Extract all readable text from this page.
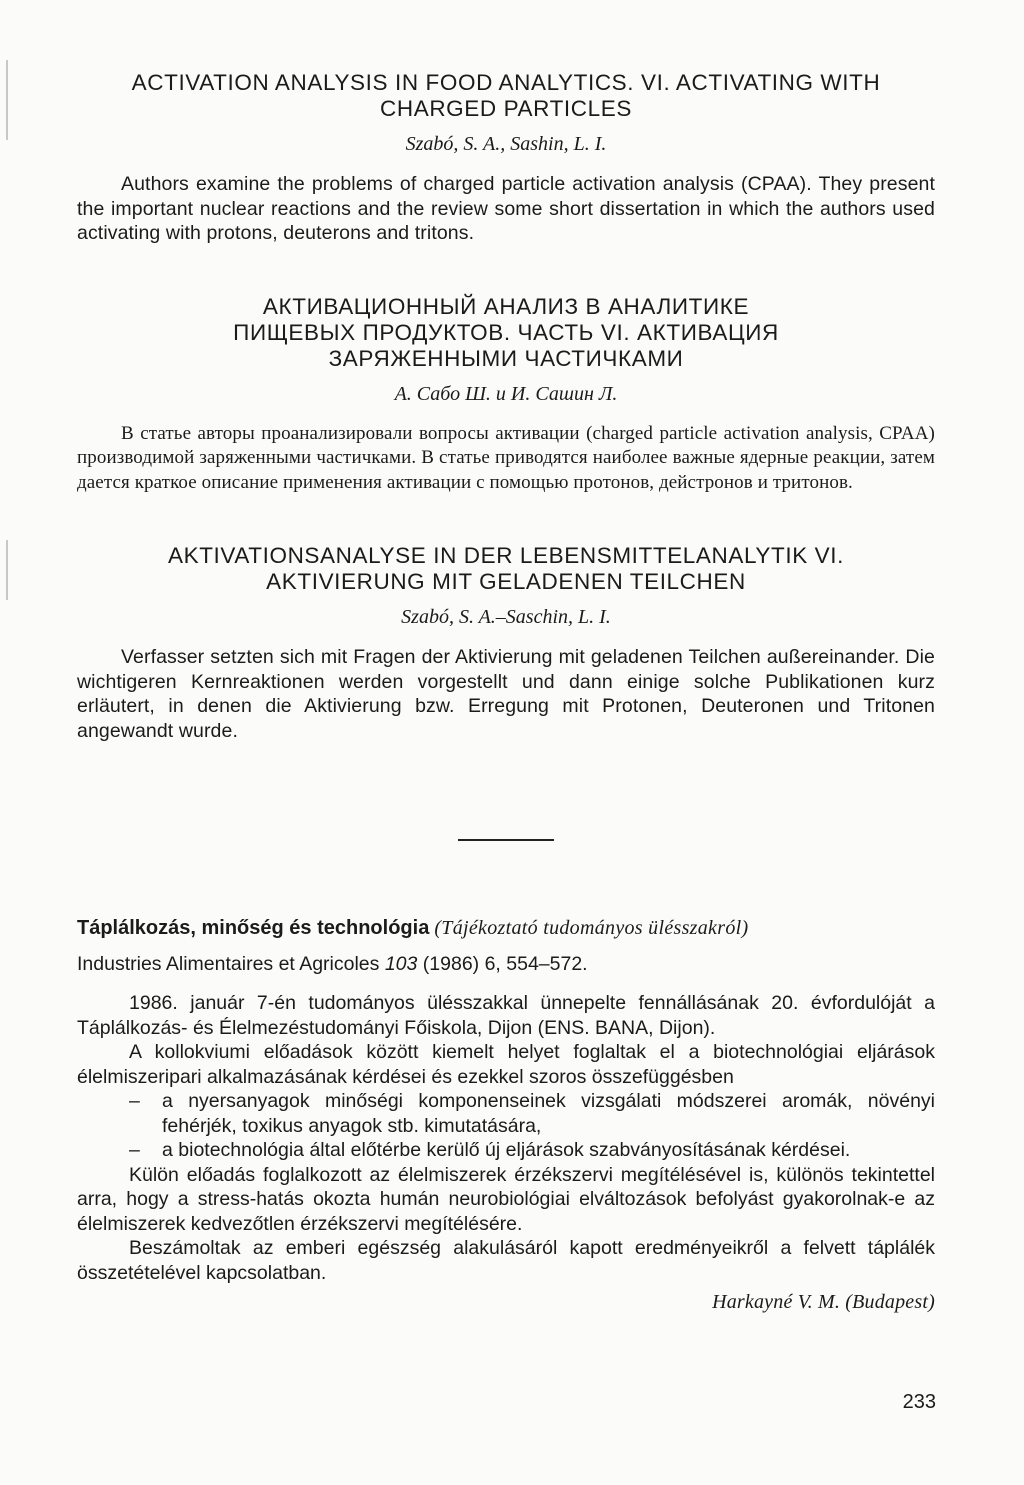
ACTIVATION ANALYSIS IN FOOD ANALYTICS. VI. ACTIVATING WITH
CHARGED PARTICLES

Szabó, S. A., Sashin, L. I.

Authors examine the problems of charged particle activation analysis (CPAA). They present the important nuclear reactions and the review some short dissertation in which the authors used activating with protons, deuterons and tritons.

АКТИВАЦИОННЫЙ АНАЛИЗ В АНАЛИТИКЕ
ПИЩЕВЫХ ПРОДУКТОВ. ЧАСТЬ VI. АКТИВАЦИЯ
ЗАРЯЖЕННЫМИ ЧАСТИЧКАМИ

А. Сабо Ш. и И. Сашин Л.

В статье авторы проанализировали вопросы активации (charged particle activation analysis, CPAA) производимой заряженными частичками. В статье приводятся наиболее важные ядерные реакции, затем дается краткое описание применения активации с помощью протонов, дейстронов и тритонов.

AKTIVATIONSANALYSE IN DER LEBENSMITTELANALYTIK VI.
AKTIVIERUNG MIT GELADENEN TEILCHEN

Szabó, S. A.–Saschin, L. I.

Verfasser setzten sich mit Fragen der Aktivierung mit geladenen Teilchen außereinander. Die wichtigeren Kernreaktionen werden vorgestellt und dann einige solche Publikationen kurz erläutert, in denen die Aktivierung bzw. Erregung mit Protonen, Deuteronen und Tritonen angewandt wurde.

Táplálkozás, minőség és technológia (Tájékoztató tudományos ülésszakról)

Industries Alimentaires et Agricoles 103 (1986) 6, 554–572.

1986. január 7-én tudományos ülésszakkal ünnepelte fennállásának 20. évfordulóját a Táplálkozás- és Élelmezéstudományi Főiskola, Dijon (ENS. BANA, Dijon).

A kollokviumi előadások között kiemelt helyet foglaltak el a biotechnológiai eljárások élelmiszeripari alkalmazásának kérdései és ezekkel szoros összefüggésben

– a nyersanyagok minőségi komponenseinek vizsgálati módszerei aromák, növényi fehérjék, toxikus anyagok stb. kimutatására,

– a biotechnológia által előtérbe kerülő új eljárások szabványosításának kérdései.

Külön előadás foglalkozott az élelmiszerek érzékszervi megítélésével is, különös tekintettel arra, hogy a stress-hatás okozta humán neurobiológiai elváltozások befolyást gyakorolnak-e az élelmiszerek kedvezőtlen érzékszervi megítélésére.

Beszámoltak az emberi egészség alakulásáról kapott eredményeikről a felvett táplálék összetételével kapcsolatban.

Harkayné V. M. (Budapest)

233
